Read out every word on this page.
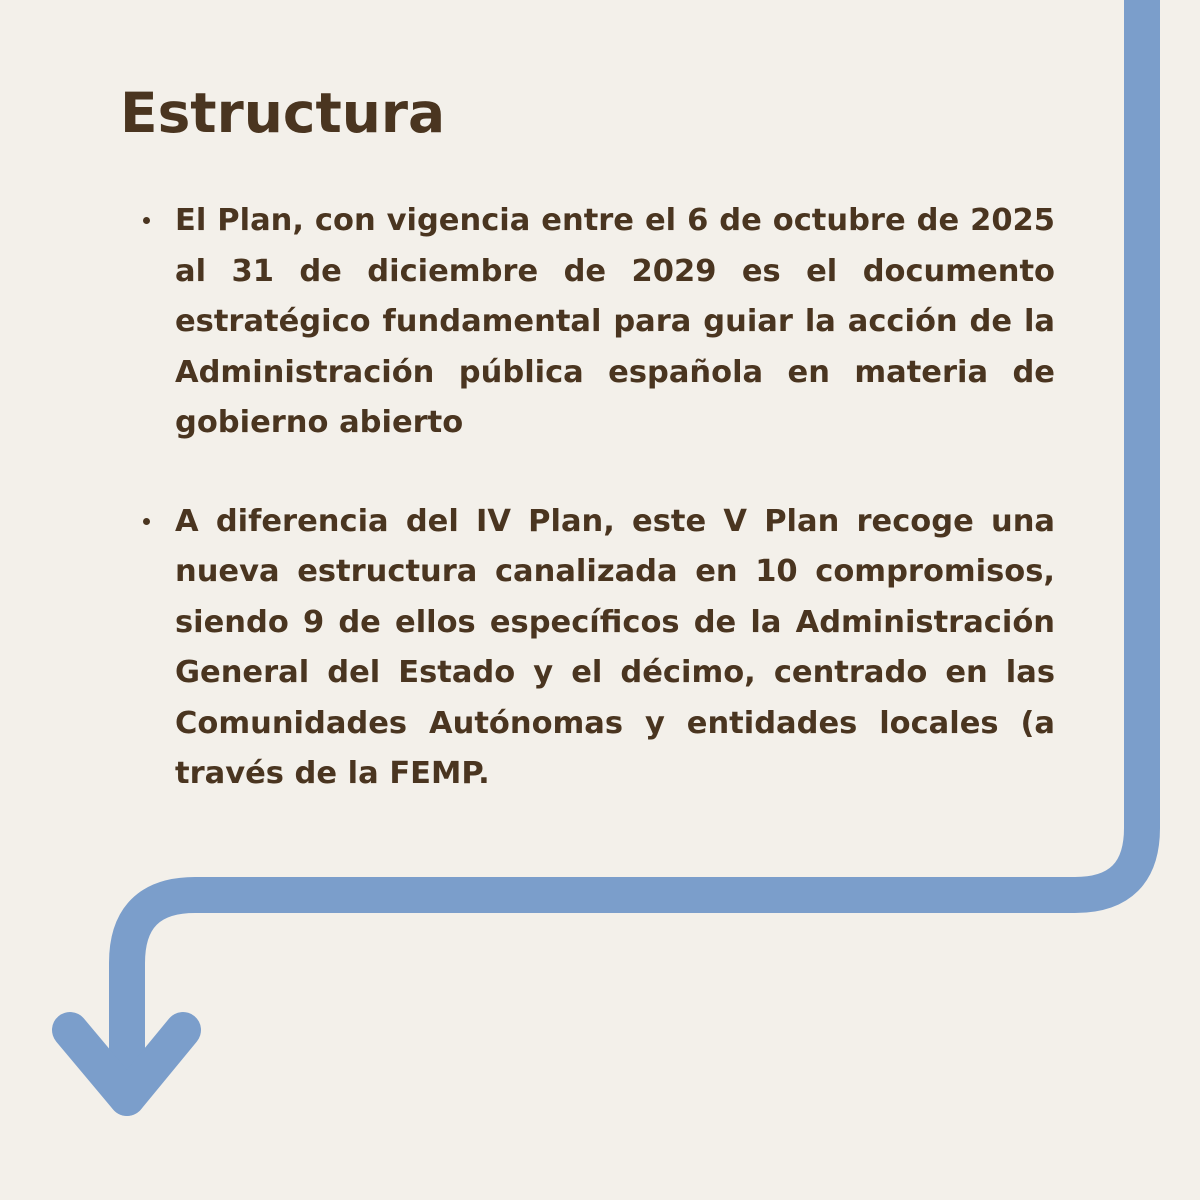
Estructura
El Plan, con vigencia entre el 6 de octubre de 2025 al 31 de diciembre de 2029 es el documento estratégico fundamental para guiar la acción de la Administración pública española en materia de gobierno abierto
A diferencia del IV Plan, este V Plan recoge una nueva estructura canalizada en 10 compromisos, siendo 9 de ellos específicos de la Administración General del Estado y el décimo, centrado en las Comunidades Autónomas y entidades locales (a través de la FEMP.
